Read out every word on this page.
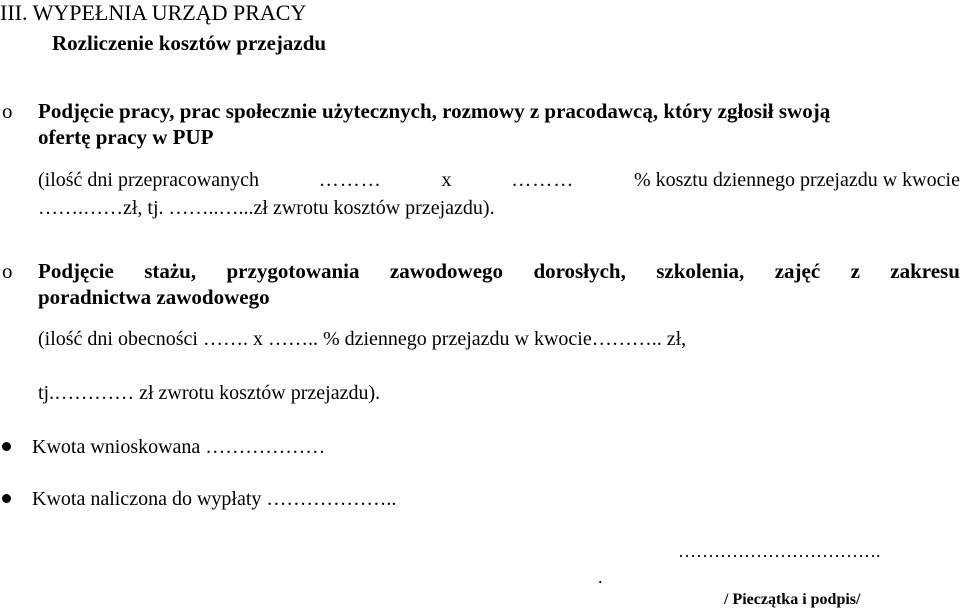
III. WYPEŁNIA URZĄD PRACY
Rozliczenie kosztów przejazdu
o Podjęcie pracy, prac społecznie użytecznych, rozmowy z pracodawcą, który zgłosił swoją
ofertę pracy w PUP
(ilość dni przepracowanych	………	x	………	% kosztu dziennego przejazdu w kwocie
…….……zł, tj. ……..…...zł zwrotu kosztów przejazdu).
o Podjęcie stażu, przygotowania zawodowego dorosłych, szkolenia, zajęć z zakresu
poradnictwa zawodowego
(ilość dni obecności ……. x …….. % dziennego przejazdu w kwocie……….. zł,
tj.………… zł zwrotu kosztów przejazdu).
Kwota wnioskowana ………………
Kwota naliczona do wypłaty ………………..
…………………………….
.
/ Pieczątka i podpis/
